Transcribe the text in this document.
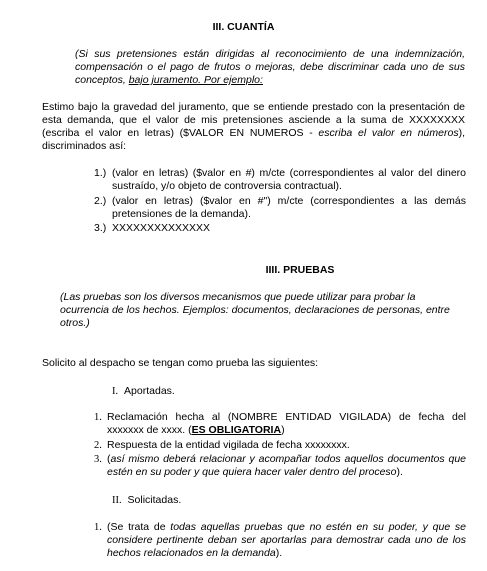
III. CUANTÍA
(Si sus pretensiones están dirigidas al reconocimiento de una indemnización, compensación o el pago de frutos o mejoras, debe discriminar cada uno de sus conceptos, bajo juramento. Por ejemplo:
Estimo bajo la gravedad del juramento, que se entiende prestado con la presentación de esta demanda, que el valor de mis pretensiones asciende a la suma de XXXXXXXX (escriba el valor en letras) ($VALOR EN NUMEROS - escriba el valor en números), discriminados así:
1.) (valor en letras) ($valor en #) m/cte (correspondientes al valor del dinero sustraído, y/o objeto de controversia contractual).
2.) (valor en letras) ($valor en #") m/cte (correspondientes a las demás pretensiones de la demanda).
3.) XXXXXXXXXXXXXX
IIII. PRUEBAS
(Las pruebas son los diversos mecanismos que puede utilizar para probar la ocurrencia de los hechos. Ejemplos: documentos, declaraciones de personas, entre otros.)
Solicito al despacho se tengan como prueba las siguientes:
I. Aportadas.
1. Reclamación hecha al (NOMBRE ENTIDAD VIGILADA) de fecha del xxxxxxx de xxxx. (ES OBLIGATORIA)
2. Respuesta de la entidad vigilada de fecha xxxxxxxx.
3. (así mismo deberá relacionar y acompañar todos aquellos documentos que estén en su poder y que quiera hacer valer dentro del proceso).
II. Solicitadas.
1. (Se trata de todas aquellas pruebas que no estén en su poder, y que se considere pertinente deban ser aportarlas para demostrar cada uno de los hechos relacionados en la demanda).
